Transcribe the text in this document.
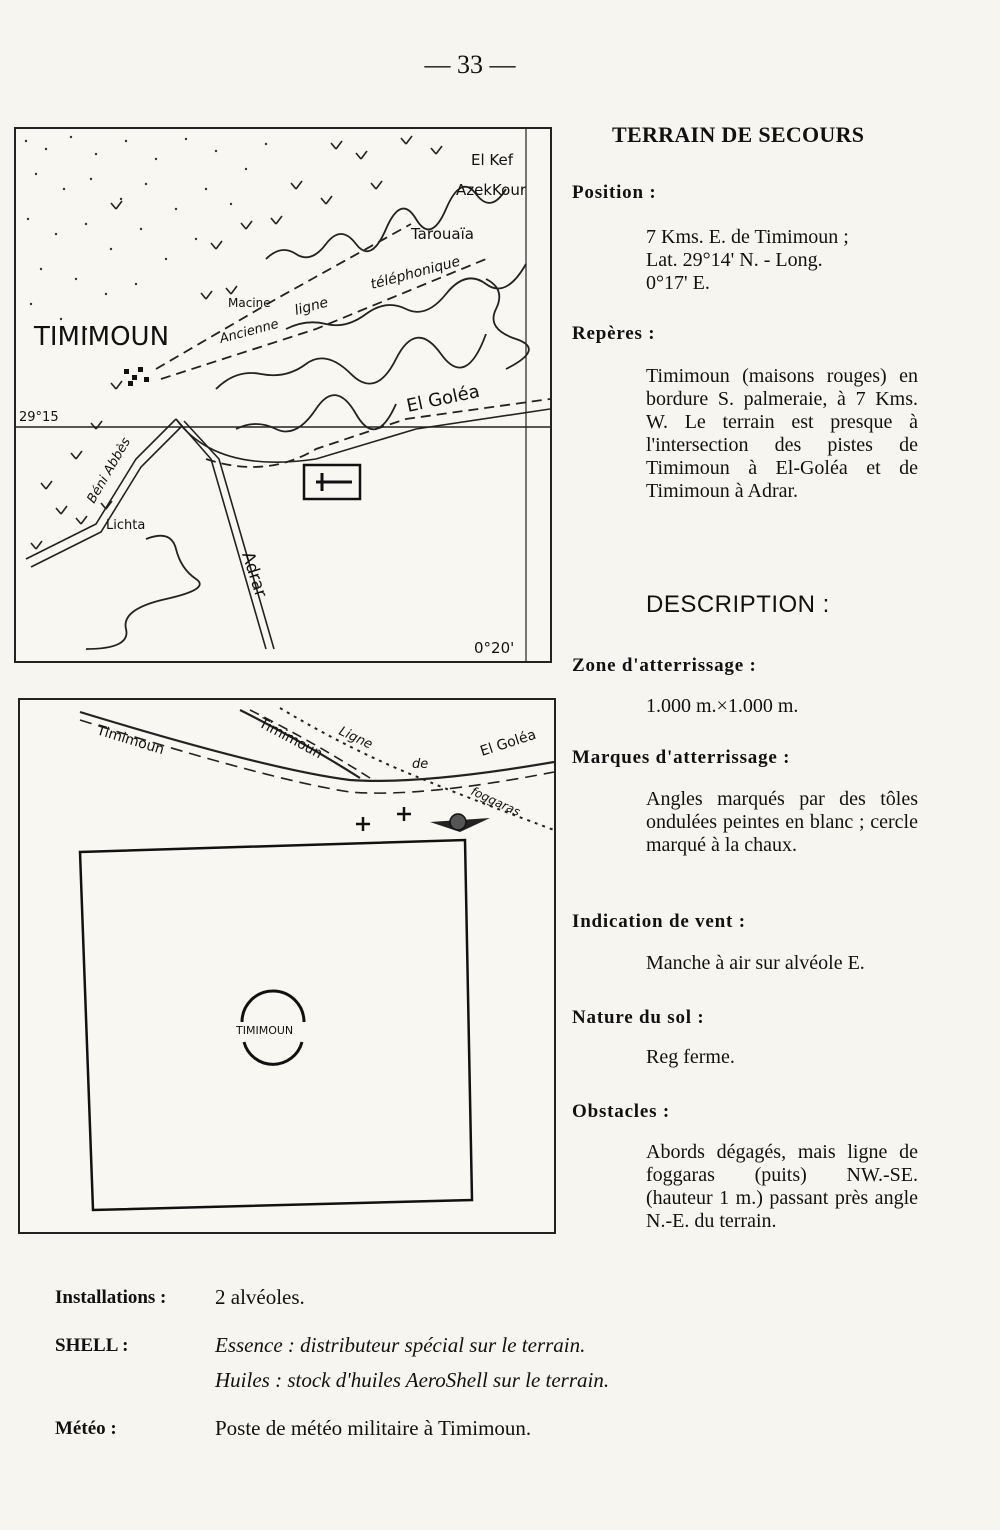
— 33 —
TIMIMOUN
El Kef
AzekKour
Tarouaïa
Macine
Ancienne
ligne
téléphonique
El Goléa
29°15
Béni Abbès
Lichta
Adrar
0°20'
TIMIMOUN
Timimoun	Timimoun Ligne
de
foggaras
El Goléa
TERRAIN DE SECOURS
Position :
7 Kms. E. de Timimoun ;
Lat. 29°14' N. - Long.
0°17' E.
Repères :
Timimoun (maisons rouges) en bordure S. palmeraie, à 7 Kms. W. Le terrain est presque à l'intersection des pistes de Timimoun à El-Goléa et de Timimoun à Adrar.
DESCRIPTION :
Zone d'atterrissage :
1.000 m.×1.000 m.
Marques d'atterrissage :
Angles marqués par des tôles ondulées peintes en blanc ; cercle marqué à la chaux.
Indication de vent :
Manche à air sur alvéole E.
Nature du sol :
Reg ferme.
Obstacles :
Abords dégagés, mais ligne de foggaras (puits) NW.-SE. (hauteur 1 m.) passant près angle N.-E. du terrain.
Installations : 2 alvéoles.
SHELL :	Essence : distributeur spécial sur le terrain.
Huiles : stock d'huiles AeroShell sur le terrain.
Météo :	Poste de météo militaire à Timimoun.
